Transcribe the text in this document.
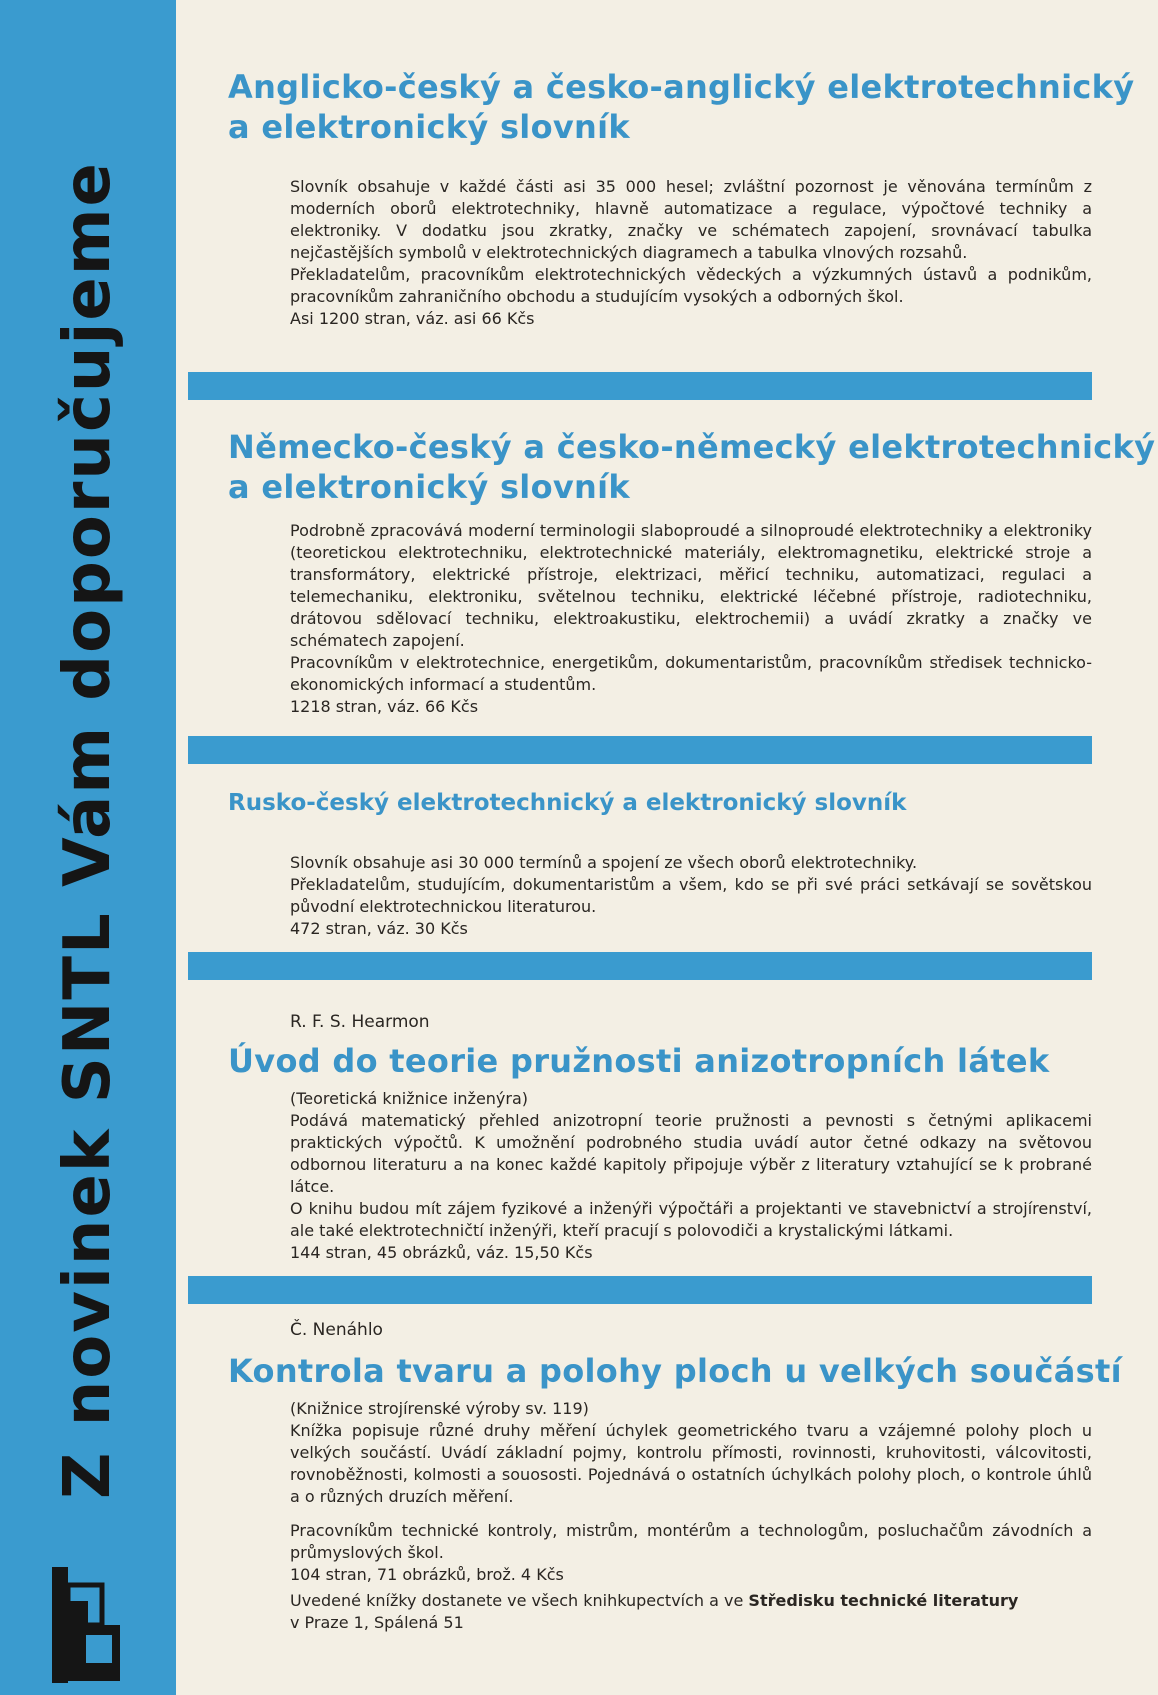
Z novinek SNTL Vám doporučujeme
Anglicko-český a česko-anglický elektrotechnický
a elektronický slovník

Slovník obsahuje v každé části asi 35 000 hesel; zvláštní pozornost je věnována termínům z moderních oborů elektrotechniky, hlavně automatizace a regulace, výpočtové techniky a elektroniky. V dodatku jsou zkratky, značky ve schématech zapojení, srovnávací tabulka nejčastějších symbolů v elektrotechnických diagramech a tabulka vlnových rozsahů.

Překladatelům, pracovníkům elektrotechnických vědeckých a výzkumných ústavů a podnikům, pracovníkům zahraničního obchodu a studujícím vysokých a odborných škol.

Asi 1200 stran, váz. asi 66 Kčs

Německo-český a česko-německý elektrotechnický
a elektronický slovník

Podrobně zpracovává moderní terminologii slaboproudé a silnoproudé elektrotechniky a elektroniky (teoretickou elektrotechniku, elektrotechnické materiály, elektromagnetiku, elektrické stroje a transformátory, elektrické přístroje, elektrizaci, měřicí techniku, automatizaci, regulaci a telemechaniku, elektroniku, světelnou techniku, elektrické léčebné přístroje, radiotechniku, drátovou sdělovací techniku, elektroakustiku, elektrochemii) a uvádí zkratky a značky ve schématech zapojení.

Pracovníkům v elektrotechnice, energetikům, dokumentaristům, pracovníkům středisek technicko-ekonomických informací a studentům.

1218 stran, váz. 66 Kčs

Rusko-český elektrotechnický a elektronický slovník

Slovník obsahuje asi 30 000 termínů a spojení ze všech oborů elektrotechniky.

Překladatelům, studujícím, dokumentaristům a všem, kdo se při své práci setkávají se sovětskou původní elektrotechnickou literaturou.

472 stran, váz. 30 Kčs

R. F. S. Hearmon
Úvod do teorie pružnosti anizotropních látek

(Teoretická knižnice inženýra)

Podává matematický přehled anizotropní teorie pružnosti a pevnosti s četnými aplikacemi praktických výpočtů. K umožnění podrobného studia uvádí autor četné odkazy na světovou odbornou literaturu a na konec každé kapitoly připojuje výběr z literatury vztahující se k probrané látce.

O knihu budou mít zájem fyzikové a inženýři výpočtáři a projektanti ve stavebnictví a strojírenství, ale také elektrotechničtí inženýři, kteří pracují s polovodiči a krystalickými látkami.

144 stran, 45 obrázků, váz. 15,50 Kčs

Č. Nenáhlo
Kontrola tvaru a polohy ploch u velkých součástí

(Knižnice strojírenské výroby sv. 119)

Knížka popisuje různé druhy měření úchylek geometrického tvaru a vzájemné polohy ploch u velkých součástí. Uvádí základní pojmy, kontrolu přímosti, rovinnosti, kruhovitosti, válcovitosti, rovnoběžnosti, kolmosti a souososti. Pojednává o ostatních úchylkách polohy ploch, o kontrole úhlů a o různých druzích měření.

Pracovníkům technické kontroly, mistrům, montérům a technologům, posluchačům závodních a průmyslových škol.

104 stran, 71 obrázků, brož. 4 Kčs

Uvedené knížky dostanete ve všech knihkupectvích a ve Středisku technické literatury

v Praze 1, Spálená 51
